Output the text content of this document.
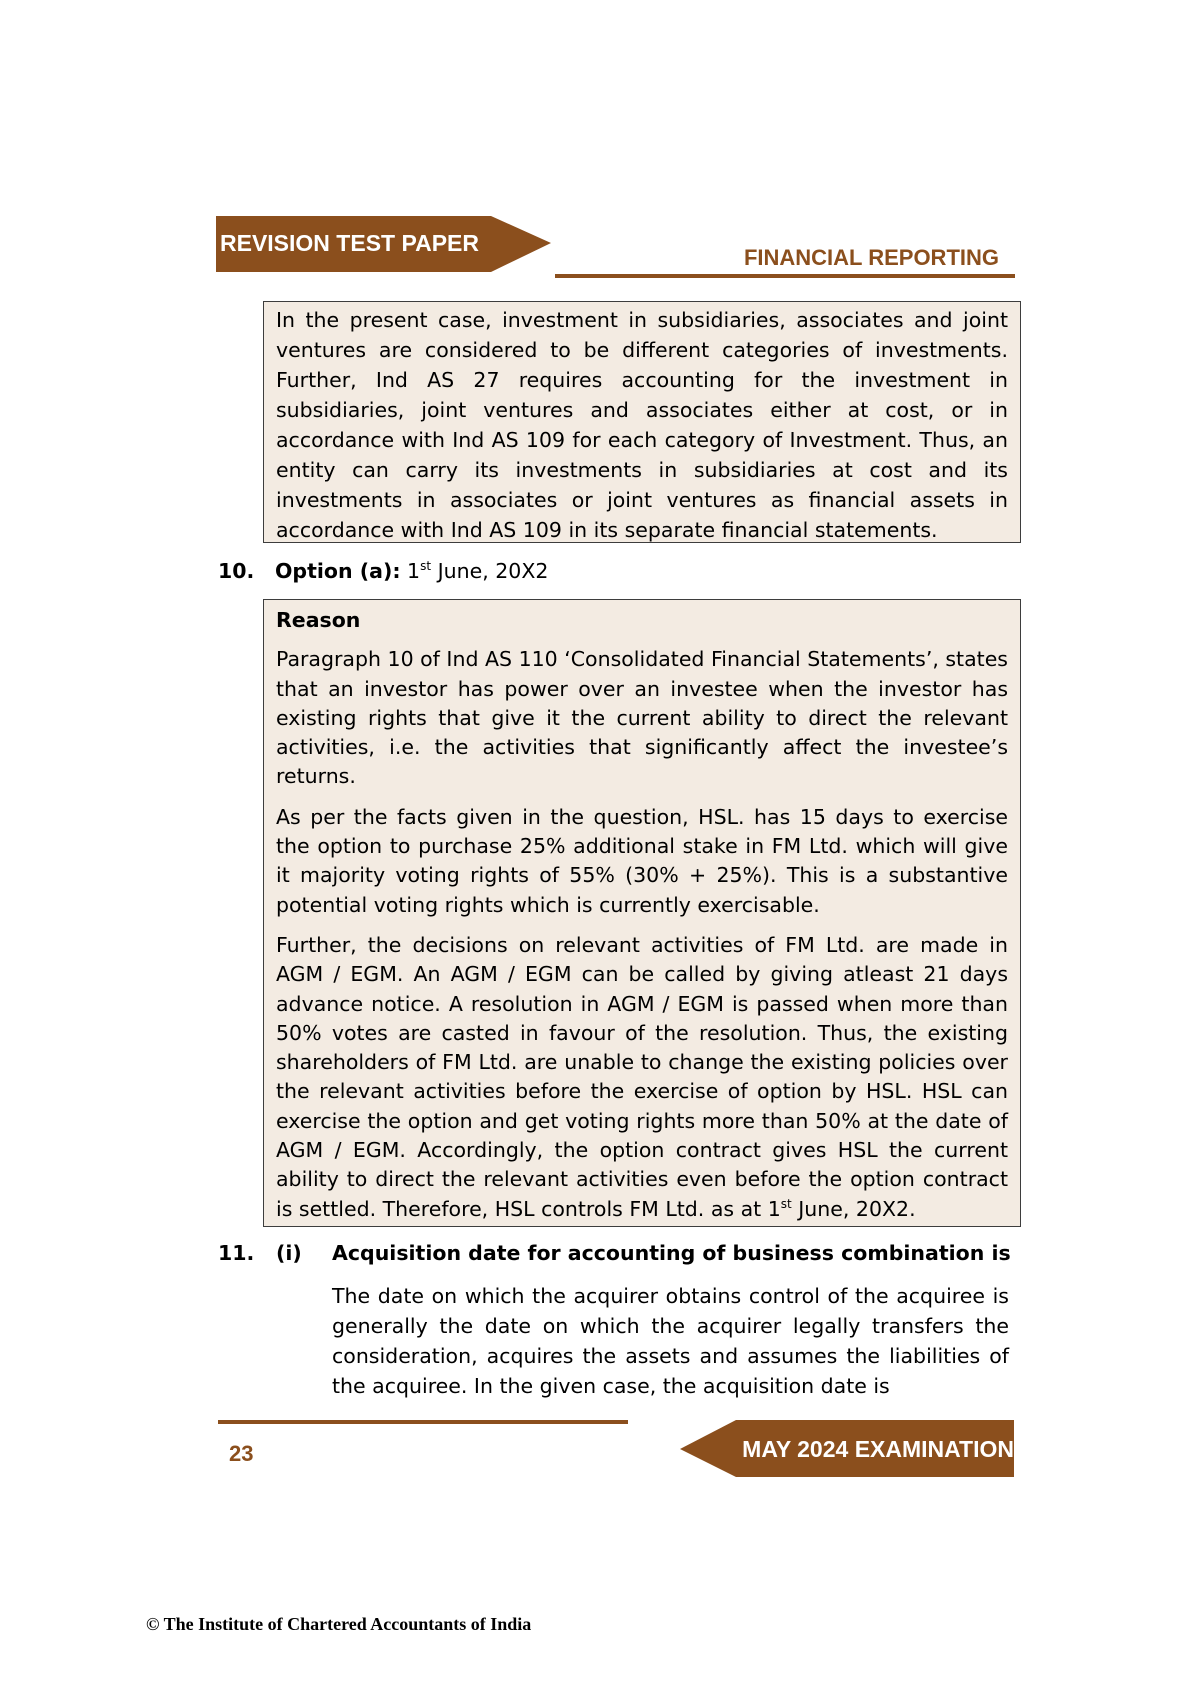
REVISION TEST PAPER
FINANCIAL REPORTING

In the present case, investment in subsidiaries, associates and joint ventures are considered to be different categories of investments. Further, Ind AS 27 requires accounting for the investment in subsidiaries, joint ventures and associates either at cost, or in accordance with Ind AS 109 for each category of Investment. Thus, an entity can carry its investments in subsidiaries at cost and its investments in associates or joint ventures as financial assets in accordance with Ind AS 109 in its separate financial statements.

10. Option (a): 1st June, 20X2

Reason

Paragraph 10 of Ind AS 110 ‘Consolidated Financial Statements’, states that an investor has power over an investee when the investor has existing rights that give it the current ability to direct the relevant activities, i.e. the activities that significantly affect the investee’s returns.

As per the facts given in the question, HSL. has 15 days to exercise the option to purchase 25% additional stake in FM Ltd. which will give it majority voting rights of 55% (30% + 25%). This is a substantive potential voting rights which is currently exercisable.

Further, the decisions on relevant activities of FM Ltd. are made in AGM / EGM. An AGM / EGM can be called by giving atleast 21 days advance notice. A resolution in AGM / EGM is passed when more than 50% votes are casted in favour of the resolution. Thus, the existing shareholders of FM Ltd. are unable to change the existing policies over the relevant activities before the exercise of option by HSL. HSL can exercise the option and get voting rights more than 50% at the date of AGM / EGM. Accordingly, the option contract gives HSL the current ability to direct the relevant activities even before the option contract is settled. Therefore, HSL controls FM Ltd. as at 1st June, 20X2.

11. (i) Acquisition date for accounting of business combination is

The date on which the acquirer obtains control of the acquiree is generally the date on which the acquirer legally transfers the consideration, acquires the assets and assumes the liabilities of the acquiree. In the given case, the acquisition date is

23	MAY 2024 EXAMINATION
© The Institute of Chartered Accountants of India
